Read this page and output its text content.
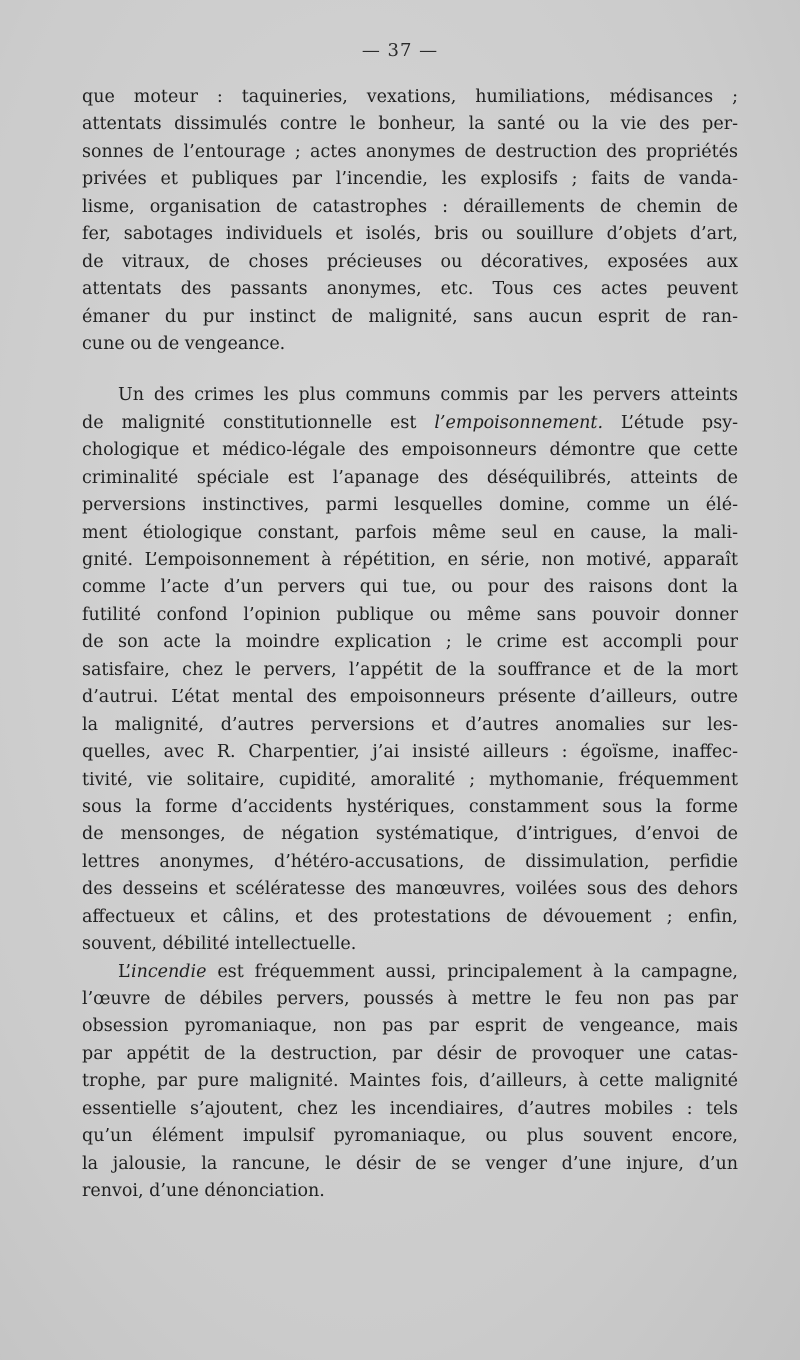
— 37 —
que moteur : taquineries, vexations, humiliations, médisances ;
attentats dissimulés contre le bonheur, la santé ou la vie des per-
sonnes de l’entourage ; actes anonymes de destruction des propriétés
privées et publiques par l’incendie, les explosifs ; faits de vanda-
lisme, organisation de catastrophes : déraillements de chemin de
fer, sabotages individuels et isolés, bris ou souillure d’objets d’art,
de vitraux, de choses précieuses ou décoratives, exposées aux
attentats des passants anonymes, etc. Tous ces actes peuvent
émaner du pur instinct de malignité, sans aucun esprit de ran-
cune ou de vengeance.
Un des crimes les plus communs commis par les pervers atteints
de malignité constitutionnelle est l’empoisonnement. L’étude psy-
chologique et médico-légale des empoisonneurs démontre que cette
criminalité spéciale est l’apanage des déséquilibrés, atteints de
perversions instinctives, parmi lesquelles domine, comme un élé-
ment étiologique constant, parfois même seul en cause, la mali-
gnité. L’empoisonnement à répétition, en série, non motivé, apparaît
comme l’acte d’un pervers qui tue, ou pour des raisons dont la
futilité confond l’opinion publique ou même sans pouvoir donner
de son acte la moindre explication ; le crime est accompli pour
satisfaire, chez le pervers, l’appétit de la souffrance et de la mort
d’autrui. L’état mental des empoisonneurs présente d’ailleurs, outre
la malignité, d’autres perversions et d’autres anomalies sur les-
quelles, avec R. Charpentier, j’ai insisté ailleurs : égoïsme, inaffec-
tivité, vie solitaire, cupidité, amoralité ; mythomanie, fréquemment
sous la forme d’accidents hystériques, constamment sous la forme
de mensonges, de négation systématique, d’intrigues, d’envoi de
lettres anonymes, d’hétéro-accusations, de dissimulation, perfidie
des desseins et scélératesse des manœuvres, voilées sous des dehors
affectueux et câlins, et des protestations de dévouement ; enfin,
souvent, débilité intellectuelle.
L’incendie est fréquemment aussi, principalement à la campagne,
l’œuvre de débiles pervers, poussés à mettre le feu non pas par
obsession pyromaniaque, non pas par esprit de vengeance, mais
par appétit de la destruction, par désir de provoquer une catas-
trophe, par pure malignité. Maintes fois, d’ailleurs, à cette malignité
essentielle s’ajoutent, chez les incendiaires, d’autres mobiles : tels
qu’un élément impulsif pyromaniaque, ou plus souvent encore,
la jalousie, la rancune, le désir de se venger d’une injure, d’un
renvoi, d’une dénonciation.
